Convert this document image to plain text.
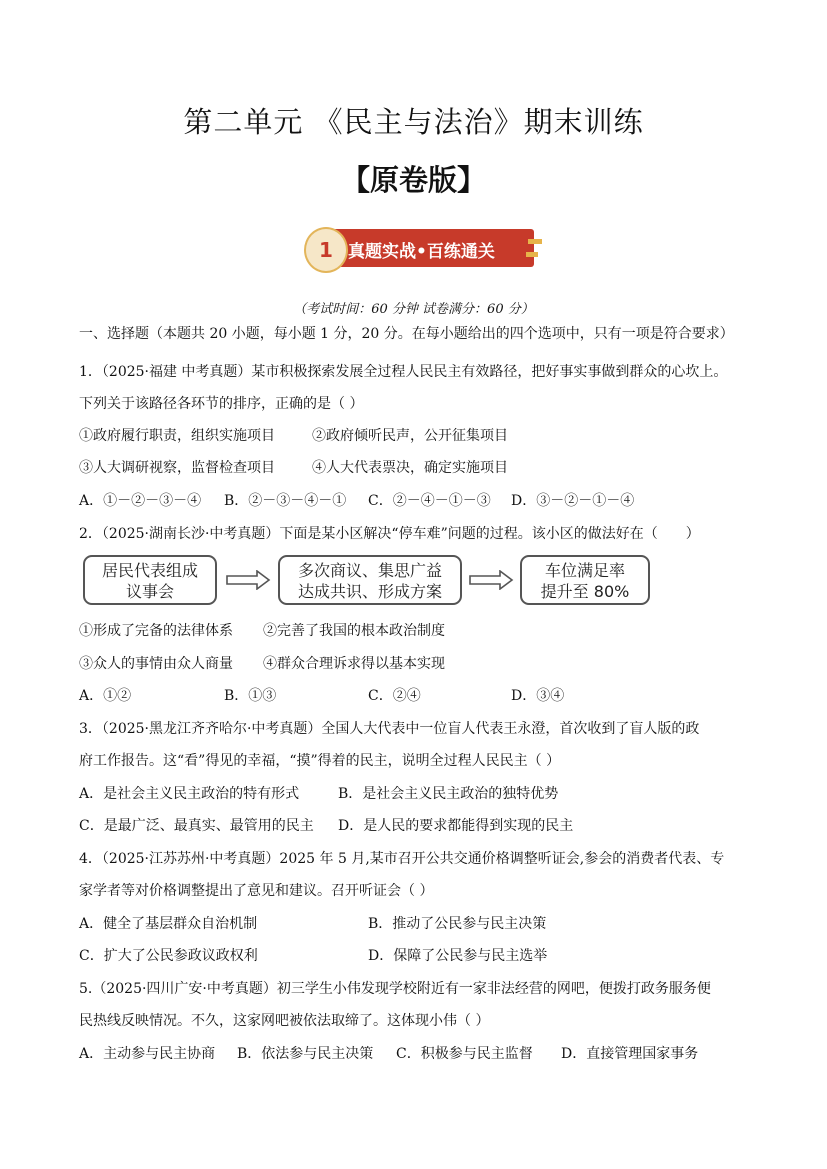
第二单元 《民主与法治》期末训练
【原卷版】
1 真题实战•百练通关
（考试时间：60 分钟 试卷满分：60 分）
一、选择题（本题共 20 小题，每小题 1 分，20 分。在每小题给出的四个选项中，只有一项是符合要求）
1．（2025·福建 中考真题）某市积极探索发展全过程人民民主有效路径，把好事实事做到群众的心坎上。
下列关于该路径各环节的排序，正确的是（ ）
①政府履行职责，组织实施项目	②政府倾听民声，公开征集项目
③人大调研视察，监督检查项目	④人大代表票决，确定实施项目
A．①－②－③－④ B．②－③－④－① C．②－④－①－③ D．③－②－①－④
2．（2025·湖南长沙·中考真题）下面是某小区解决“停车难”问题的过程。该小区的做法好在（　　）
居民代表组成
议事会
多次商议、集思广益
达成共识、形成方案
车位满足率
提升至 80%
①形成了完备的法律体系 ②完善了我国的根本政治制度
③众人的事情由众人商量 ④群众合理诉求得以基本实现
A．①②	B．①③	C．②④	D．③④
3．（2025·黑龙江齐齐哈尔·中考真题）全国人大代表中一位盲人代表王永澄，首次收到了盲人版的政
府工作报告。这“看”得见的幸福，“摸”得着的民主，说明全过程人民民主（ ）
A．是社会主义民主政治的特有形式	B．是社会主义民主政治的独特优势
C．是最广泛、最真实、最管用的民主 D．是人民的要求都能得到实现的民主
4．（2025·江苏苏州·中考真题）2025 年 5 月,某市召开公共交通价格调整听证会,参会的消费者代表、专
家学者等对价格调整提出了意见和建议。召开听证会（ ）
A．健全了基层群众自治机制	B．推动了公民参与民主决策
C．扩大了公民参政议政权利	D．保障了公民参与民主选举
5.（2025·四川广安·中考真题）初三学生小伟发现学校附近有一家非法经营的网吧，便拨打政务服务便
民热线反映情况。不久，这家网吧被依法取缔了。这体现小伟（ ）
A．主动参与民主协商 B．依法参与民主决策 C．积极参与民主监督 D．直接管理国家事务
